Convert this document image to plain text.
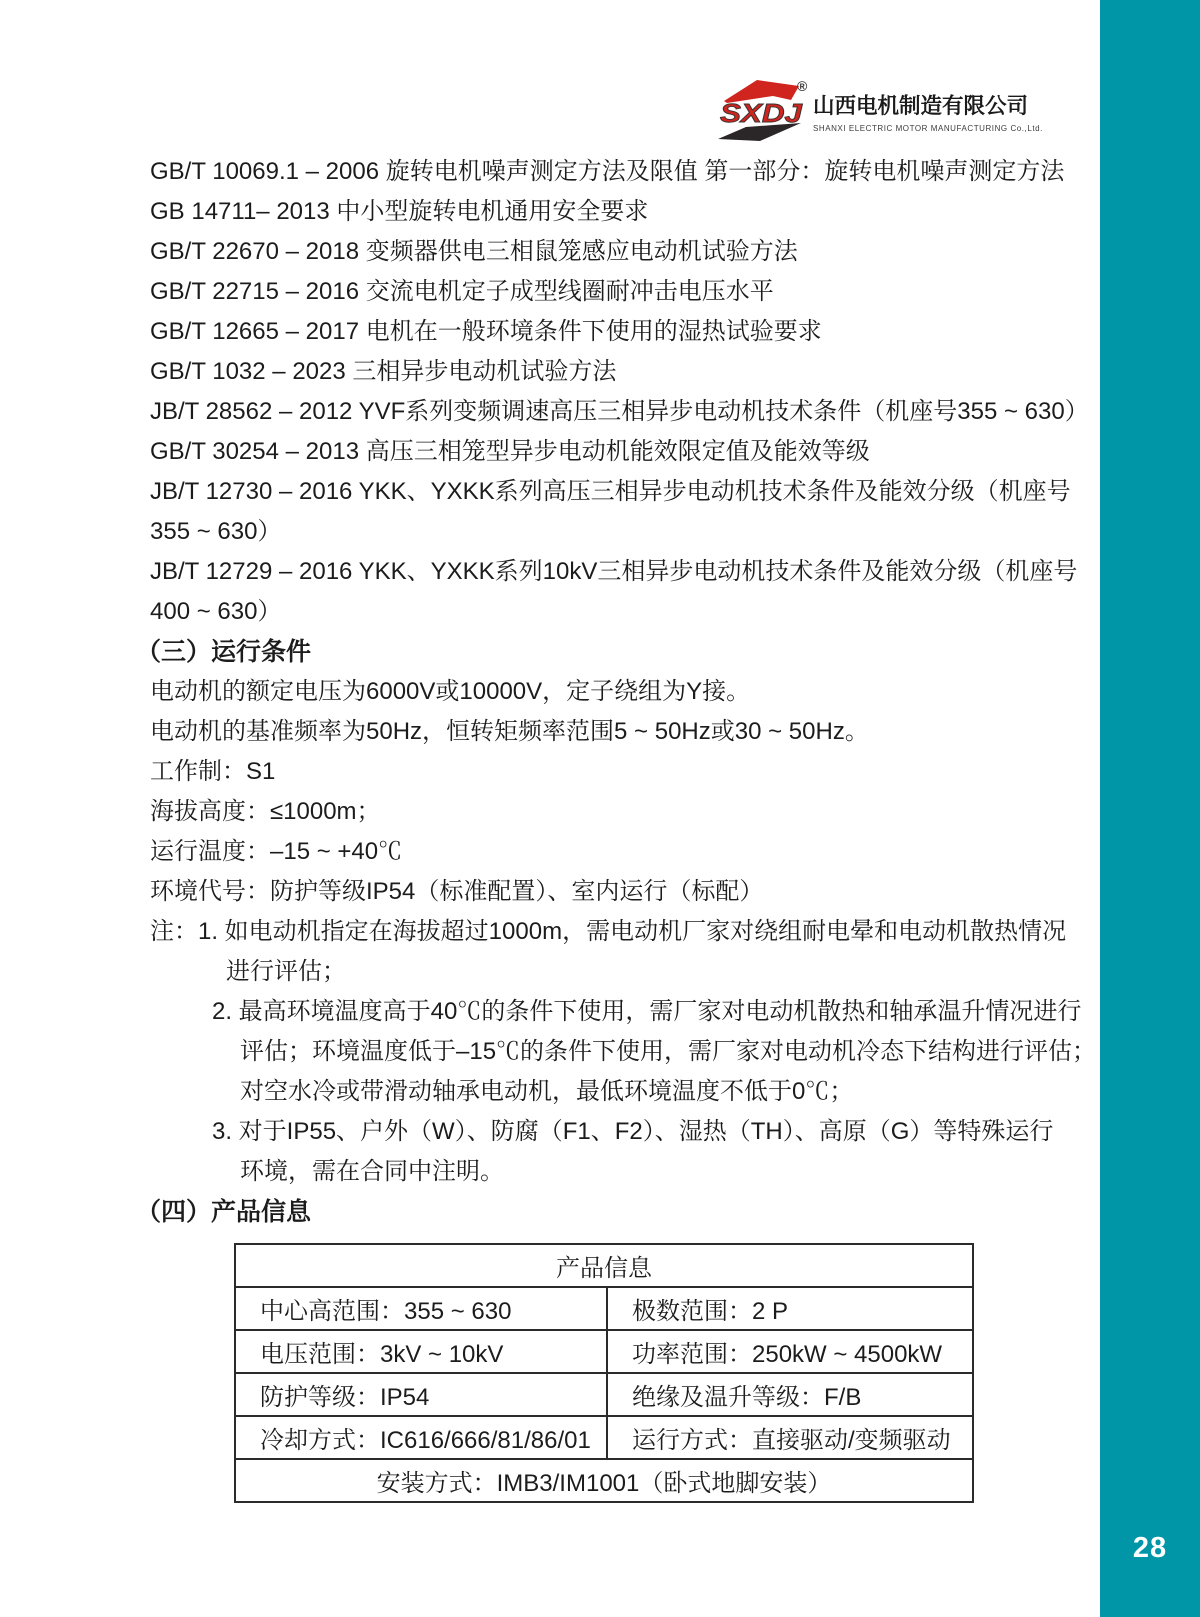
28
SXDJ
®
山西电机制造有限公司
SHANXI ELECTRIC MOTOR MANUFACTURING Co.,Ltd.
GB/T 10069.1 – 2006 旋转电机噪声测定方法及限值 第一部分：旋转电机噪声测定方法
GB 14711– 2013 中小型旋转电机通用安全要求
GB/T 22670 – 2018 变频器供电三相鼠笼感应电动机试验方法
GB/T 22715 – 2016 交流电机定子成型线圈耐冲击电压水平
GB/T 12665 – 2017 电机在一般环境条件下使用的湿热试验要求
GB/T 1032 – 2023 三相异步电动机试验方法
JB/T 28562 – 2012 YVF系列变频调速高压三相异步电动机技术条件（机座号355 ~ 630）
GB/T 30254 – 2013 高压三相笼型异步电动机能效限定值及能效等级
JB/T 12730 – 2016 YKK、YXKK系列高压三相异步电动机技术条件及能效分级（机座号
355 ~ 630）
JB/T 12729 – 2016 YKK、YXKK系列10kV三相异步电动机技术条件及能效分级（机座号
400 ~ 630）
（三）运行条件
电动机的额定电压为6000V或10000V，定子绕组为Y接。
电动机的基准频率为50Hz，恒转矩频率范围5 ~ 50Hz或30 ~ 50Hz。
工作制：S1
海拔高度：≤1000m；
运行温度：–15 ~ +40℃
环境代号：防护等级IP54（标准配置）、室内运行（标配）
注：1. 如电动机指定在海拔超过1000m，需电动机厂家对绕组耐电晕和电动机散热情况
进行评估；
2. 最高环境温度高于40℃的条件下使用，需厂家对电动机散热和轴承温升情况进行
评估；环境温度低于–15℃的条件下使用，需厂家对电动机冷态下结构进行评估；
对空水冷或带滑动轴承电动机，最低环境温度不低于0℃；
3. 对于IP55、户外（W）、防腐（F1、F2）、湿热（TH）、高原（G）等特殊运行
环境，需在合同中注明。
（四）产品信息
产品信息	
中心高范围：355 ~ 630	极数范围：2 P
电压范围：3kV ~ 10kV	功率范围：250kW ~ 4500kW
防护等级：IP54	绝缘及温升等级：F/B
冷却方式：IC616/666/81/86/01	运行方式：直接驱动/变频驱动
安装方式：IMB3/IM1001（卧式地脚安装）	
